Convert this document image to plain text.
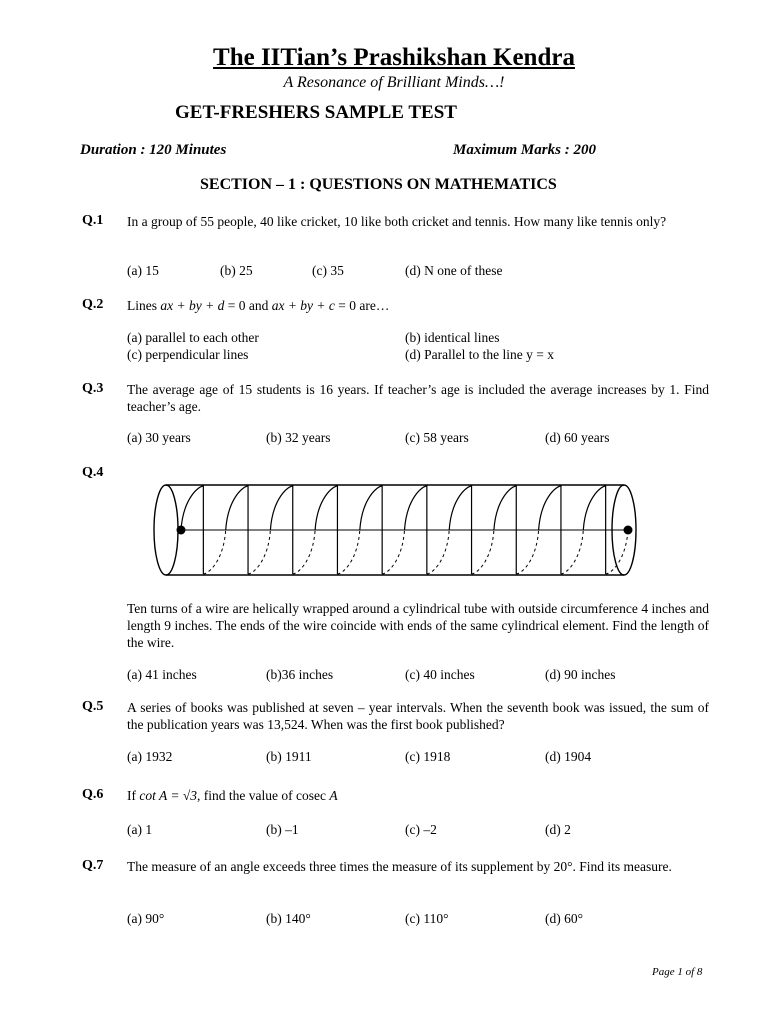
The IITian’s Prashikshan Kendra
A Resonance of Brilliant Minds…!
GET-FRESHERS SAMPLE TEST
Duration : 120 Minutes	Maximum Marks : 200
SECTION – 1 : QUESTIONS ON MATHEMATICS
Q.1 In a group of 55 people, 40 like cricket, 10 like both cricket and tennis. How many like tennis only?
(a) 15	(b) 25	(c) 35	(d) N one of these
Q.2 Lines ax + by + d = 0 and ax + by + c = 0 are…
(a) parallel to each other	(b) identical lines
(c) perpendicular lines	(d) Parallel to the line y = x
Q.3 The average age of 15 students is 16 years. If teacher’s age is included the average increases by 1. Find teacher’s age.
(a) 30 years	(b) 32 years	(c) 58 years	(d) 60 years
Q.4
Ten turns of a wire are helically wrapped around a cylindrical tube with outside circumference 4 inches and length 9 inches. The ends of the wire coincide with ends of the same cylindrical element. Find the length of the wire.
(a) 41 inches	(b)36 inches	(c) 40 inches	(d) 90 inches
Q.5 A series of books was published at seven – year intervals. When the seventh book was issued, the sum of the publication years was 13,524. When was the first book published?
(a) 1932	(b) 1911	(c) 1918	(d) 1904
Q.6 If cot A = √3, find the value of cosec A
(a) 1	(b) –1	(c) –2	(d) 2
Q.7 The measure of an angle exceeds three times the measure of its supplement by 20°. Find its measure.
(a) 90°	(b) 140°	(c) 110°	(d) 60°
Page 1 of 8
